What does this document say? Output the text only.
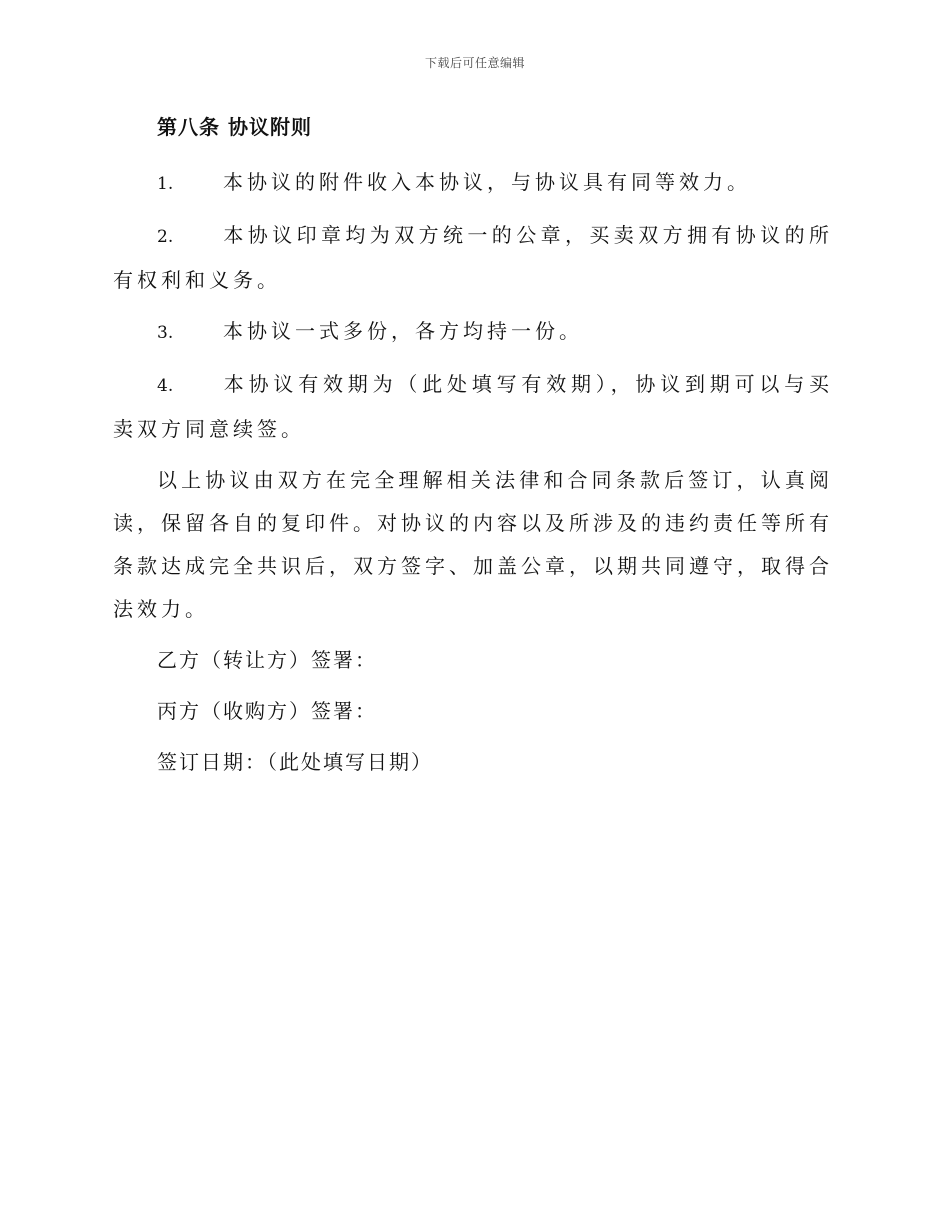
下载后可任意编辑
第八条 协议附则

1. 本协议的附件收入本协议，与协议具有同等效力。

2. 本协议印章均为双方统一的公章，买卖双方拥有协议的所有权利和义务。

3. 本协议一式多份，各方均持一份。

4. 本协议有效期为（此处填写有效期），协议到期可以与买卖双方同意续签。

以上协议由双方在完全理解相关法律和合同条款后签订，认真阅读，保留各自的复印件。对协议的内容以及所涉及的违约责任等所有条款达成完全共识后，双方签字、加盖公章，以期共同遵守，取得合法效力。

乙方（转让方）签署：

丙方（收购方）签署：

签订日期：（此处填写日期）
